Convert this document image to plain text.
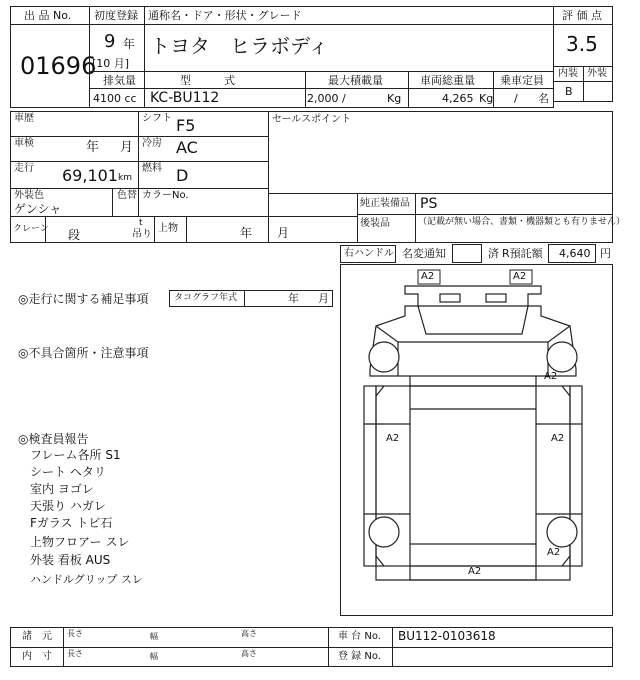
出 品 No.
01696
初度登録
9 年
[10 月]
通称名・ドア・形状・グレード
トヨタ　ヒラボディ
評 価 点
3.5
内装 外装
B
排気量
4100 cc
型　　　式
KC-BU112
最大積載量
2,000 /	Kg
車両総重量
4,265 Kg
乗車定員
/ 名
車歴	シフト F5
車検	年 月 冷房 AC
走行 69,101 km
燃料 D
外装色
ゲンシャ
色替 カラーNo.
クレーン 段
t
吊り
上物	年 月
セールスポイント
純正装備品 PS
後装品	（記載が無い場合、書類・機器類とも有りません）
右ハンドル 名変通知	済 R預託額 4,640 円
◎走行に関する補足事項	タコグラフ年式	年 月
◎不具合箇所・注意事項
◎検査員報告
フレーム各所 S1
シート ヘタリ
室内 ヨゴレ
天張り ハガレ
Fガラス トビ石
上物フロアー スレ
外装 看板 AUS
ハンドルグリップ スレ
A2	A2
A2
A2	A2
A2
A2
諸　元
内　寸
長さ	幅	高さ
長さ	幅	高さ
車 台 No. BU112-0103618
登 録 No.
